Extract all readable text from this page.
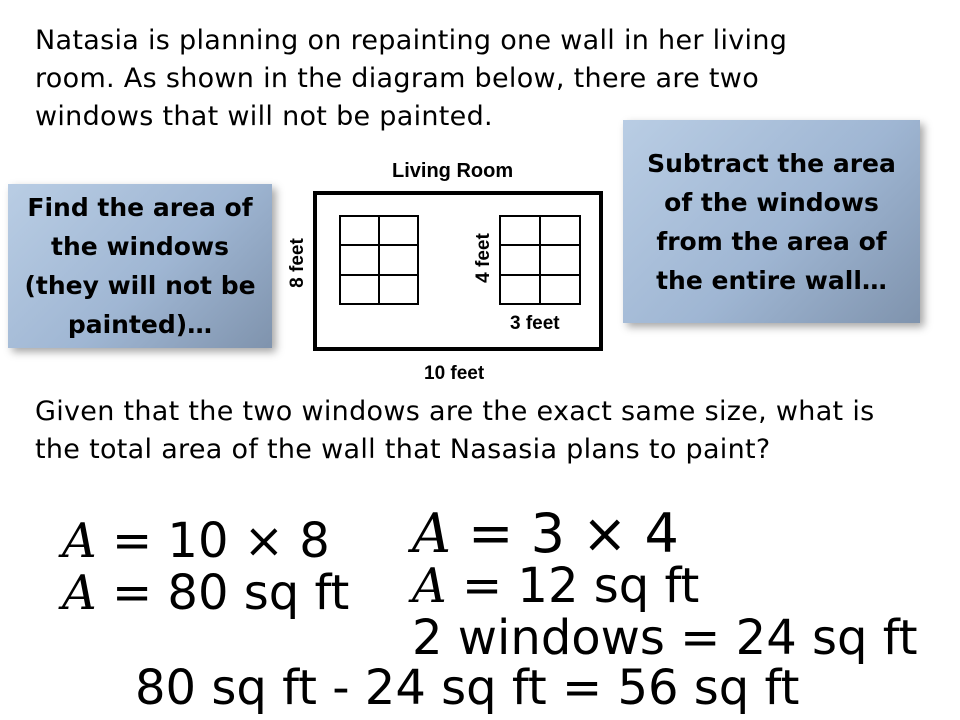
Natasia is planning on repainting one wall in her living room. As shown in the diagram below, there are two windows that will not be painted.
Find the area of the windows (they will not be painted)…
Subtract the area of the windows from the area of the entire wall…
Living Room
8 feet	4 feet
3 feet
10 feet
Given that the two windows are the exact same size, what is the total area of the wall that Nasasia plans to paint?
A = 10 × 8
A = 80 sq ft
A = 3 × 4
A = 12 sq ft
2 windows = 24 sq ft
80 sq ft - 24 sq ft = 56 sq ft
